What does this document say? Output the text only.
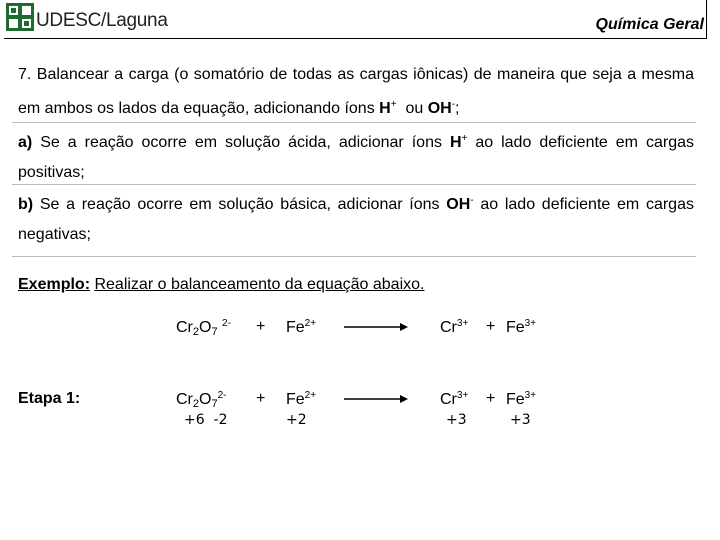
UDESC/Laguna	Química Geral
7. Balancear a carga (o somatório de todas as cargas iônicas) de maneira que seja a mesma em ambos os lados da equação, adicionando íons H+ ou OH-;
a) Se a reação ocorre em solução ácida, adicionar íons H+ ao lado deficiente em cargas positivas;
b) Se a reação ocorre em solução básica, adicionar íons OH- ao lado deficiente em cargas negativas;
Exemplo: Realizar o balanceamento da equação abaixo.
$Cr_2O_7$ $^{2-} + Fe^{2+}$	$Cr^{3+} + Fe^{3+}$
Etapa 1:	$Cr_2O_7^{2-} + Fe^{2+}$	$Cr^{3+} + Fe^{3+}$
+6  -2	+2	+3	+3
